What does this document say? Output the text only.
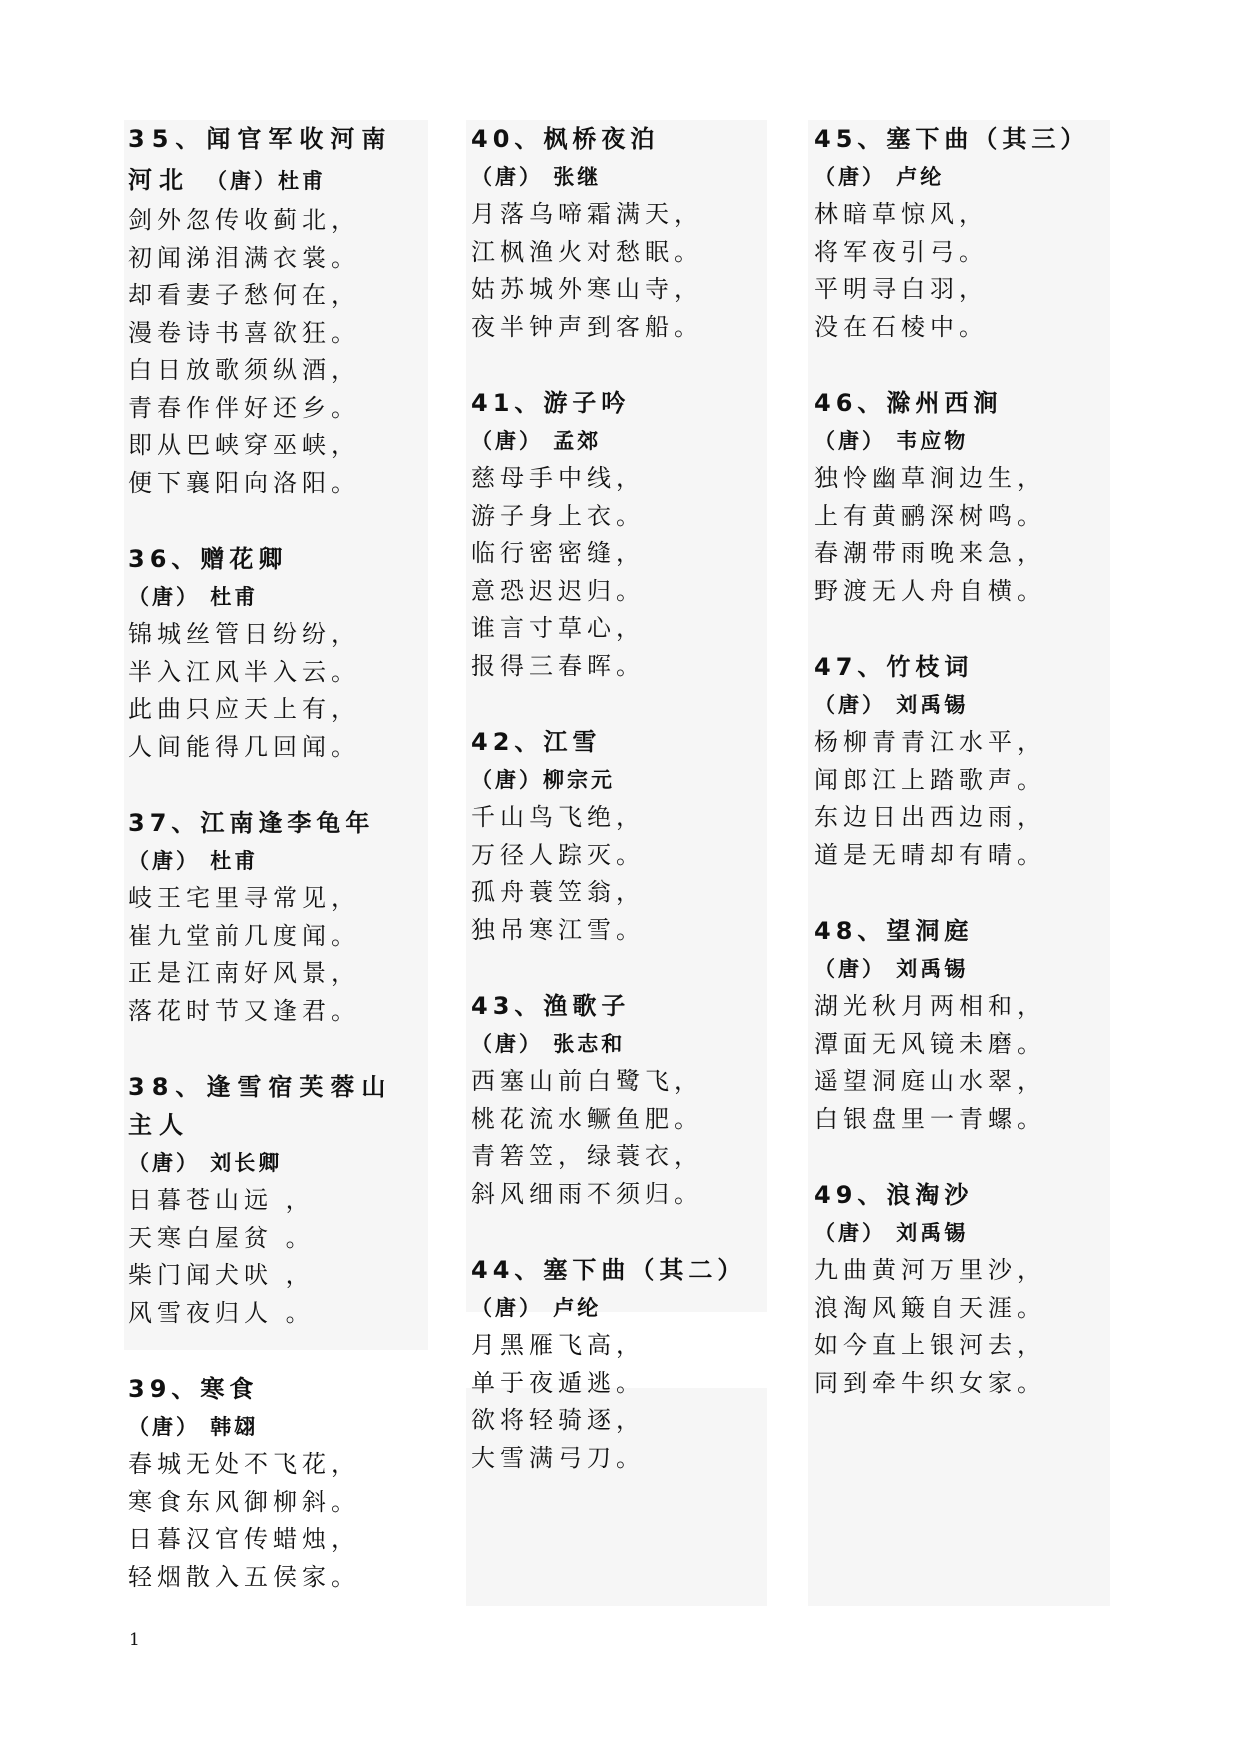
35、闻官军收河南河北  （唐）杜甫
剑外忽传收蓟北，
初闻涕泪满衣裳。
却看妻子愁何在，
漫卷诗书喜欲狂。
白日放歌须纵酒，
青春作伴好还乡。
即从巴峡穿巫峡，
便下襄阳向洛阳。
36、赠花卿
（唐） 杜甫
锦城丝管日纷纷，
半入江风半入云。
此曲只应天上有，
人间能得几回闻。
37、江南逢李龟年
（唐） 杜甫
岐王宅里寻常见，
崔九堂前几度闻。
正是江南好风景，
落花时节又逢君。
38、逢雪宿芙蓉山主人
（唐） 刘长卿
日暮苍山远 ，
天寒白屋贫 。
柴门闻犬吠 ，
风雪夜归人 。
39、寒食
（唐） 韩翃
春城无处不飞花，
寒食东风御柳斜。
日暮汉官传蜡烛，
轻烟散入五侯家。
40、枫桥夜泊
（唐） 张继
月落乌啼霜满天，
江枫渔火对愁眠。
姑苏城外寒山寺，
夜半钟声到客船。
41、游子吟
（唐） 孟郊
慈母手中线，
游子身上衣。
临行密密缝，
意恐迟迟归。
谁言寸草心，
报得三春晖。
42、江雪
（唐）柳宗元
千山鸟飞绝，
万径人踪灭。
孤舟蓑笠翁，
独吊寒江雪。
43、渔歌子
（唐） 张志和
西塞山前白鹭飞，
桃花流水鳜鱼肥。
青箬笠，绿蓑衣，
斜风细雨不须归。
44、塞下曲（其二）
（唐） 卢纶
月黑雁飞高，
单于夜遁逃。
欲将轻骑逐，
大雪满弓刀。
45、塞下曲（其三）
（唐） 卢纶
林暗草惊风，
将军夜引弓。
平明寻白羽，
没在石棱中。
46、滁州西涧
（唐） 韦应物
独怜幽草涧边生，
上有黄鹂深树鸣。
春潮带雨晚来急，
野渡无人舟自横。
47、竹枝词
（唐） 刘禹锡
杨柳青青江水平，
闻郎江上踏歌声。
东边日出西边雨，
道是无晴却有晴。
48、望洞庭
（唐） 刘禹锡
湖光秋月两相和，
潭面无风镜未磨。
遥望洞庭山水翠，
白银盘里一青螺。
49、浪淘沙
（唐） 刘禹锡
九曲黄河万里沙，
浪淘风簸自天涯。
如今直上银河去，
同到牵牛织女家。
1
